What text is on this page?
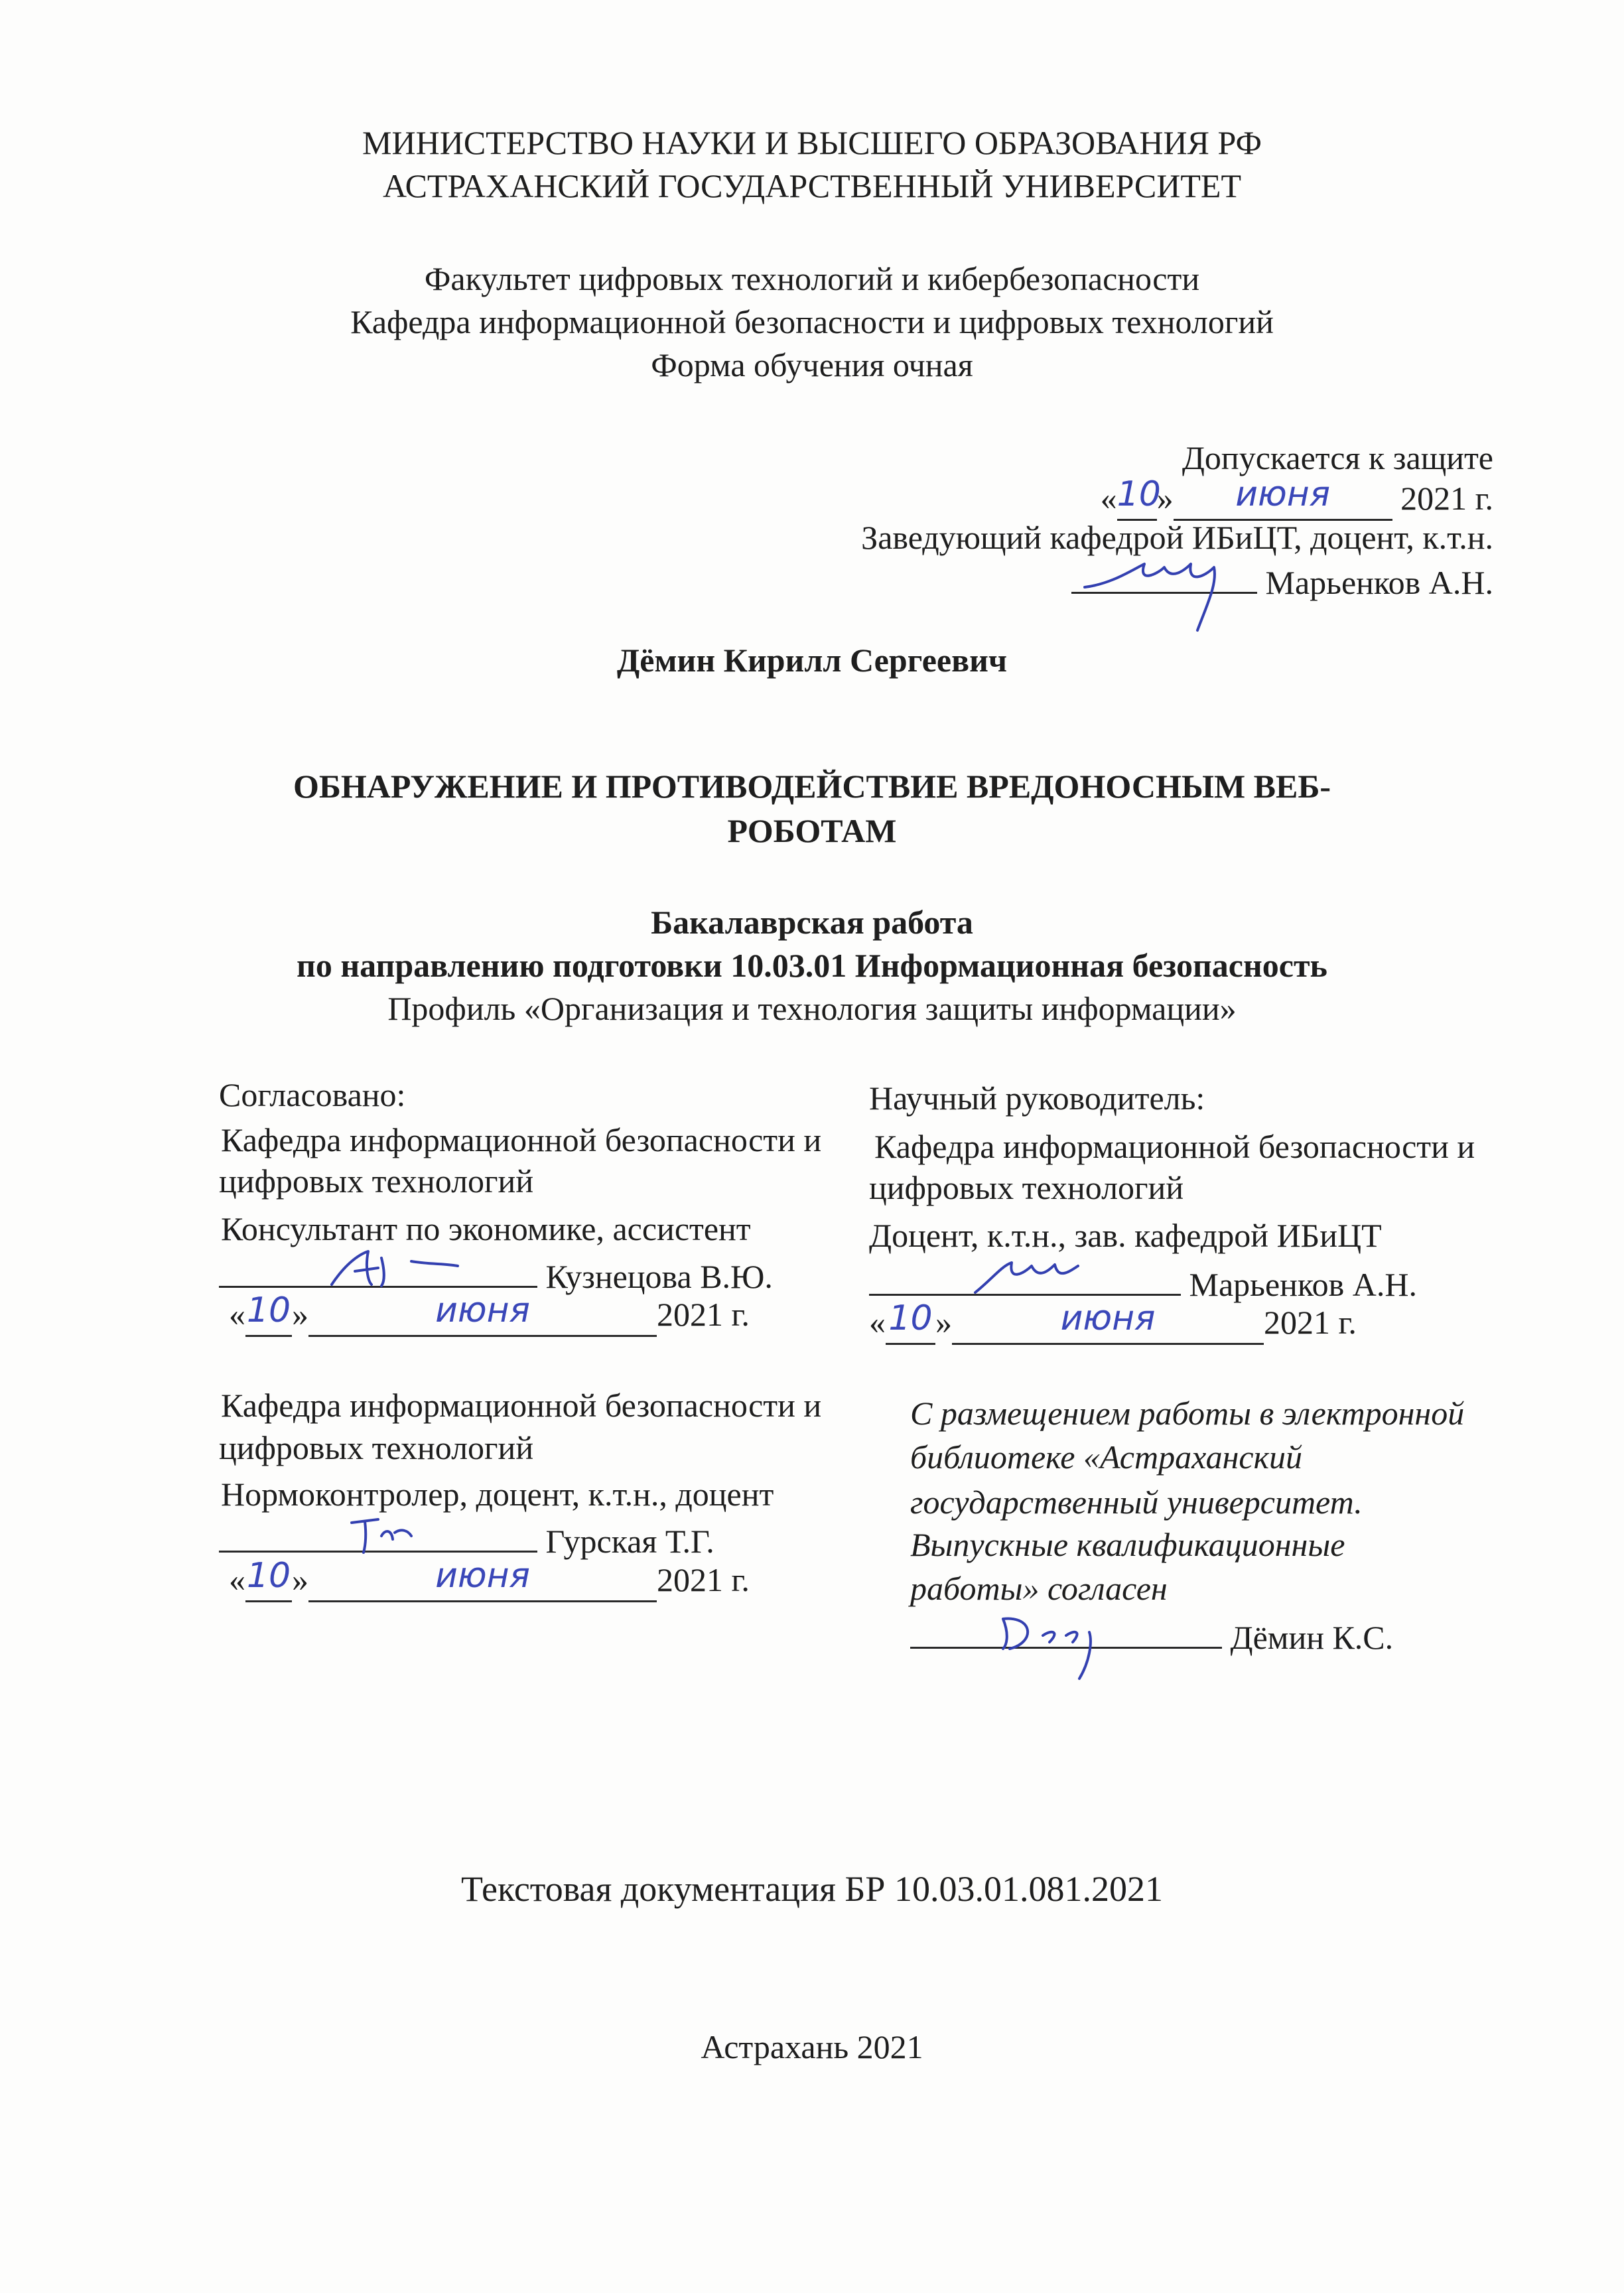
МИНИСТЕРСТВО НАУКИ И ВЫСШЕГО ОБРАЗОВАНИЯ РФ
АСТРАХАНСКИЙ ГОСУДАРСТВЕННЫЙ УНИВЕРСИТЕТ
Факультет цифровых технологий и кибербезопасности
Кафедра информационной безопасности и цифровых технологий
Форма обучения очная
Допускается к защите
«10» июня 2021 г.
Заведующий кафедрой ИБиЦТ, доцент, к.т.н.
Марьенков А.Н.
Дёмин Кирилл Сергеевич
ОБНАРУЖЕНИЕ И ПРОТИВОДЕЙСТВИЕ ВРЕДОНОСНЫМ ВЕБ-
РОБОТАМ
Бакалаврская работа
по направлению подготовки 10.03.01 Информационная безопасность
Профиль «Организация и технология защиты информации»
Согласовано:
Кафедра информационной безопасности и
цифровых технологий
Консультант по экономике, ассистент
Кузнецова В.Ю.
«10»	июня	2021 г.
Научный руководитель:
Кафедра информационной безопасности и
цифровых технологий
Доцент, к.т.н., зав. кафедрой ИБиЦТ
Марьенков А.Н.
«10»	июня	2021 г.
Кафедра информационной безопасности и
цифровых технологий
Нормоконтролер, доцент, к.т.н., доцент
Гурская Т.Г.
«10»	июня	2021 г.
С размещением работы в электронной
библиотеке «Астраханский
государственный университет.
Выпускные квалификационные
работы» согласен
Дёмин К.С.
Текстовая документация БР 10.03.01.081.2021
Астрахань 2021
